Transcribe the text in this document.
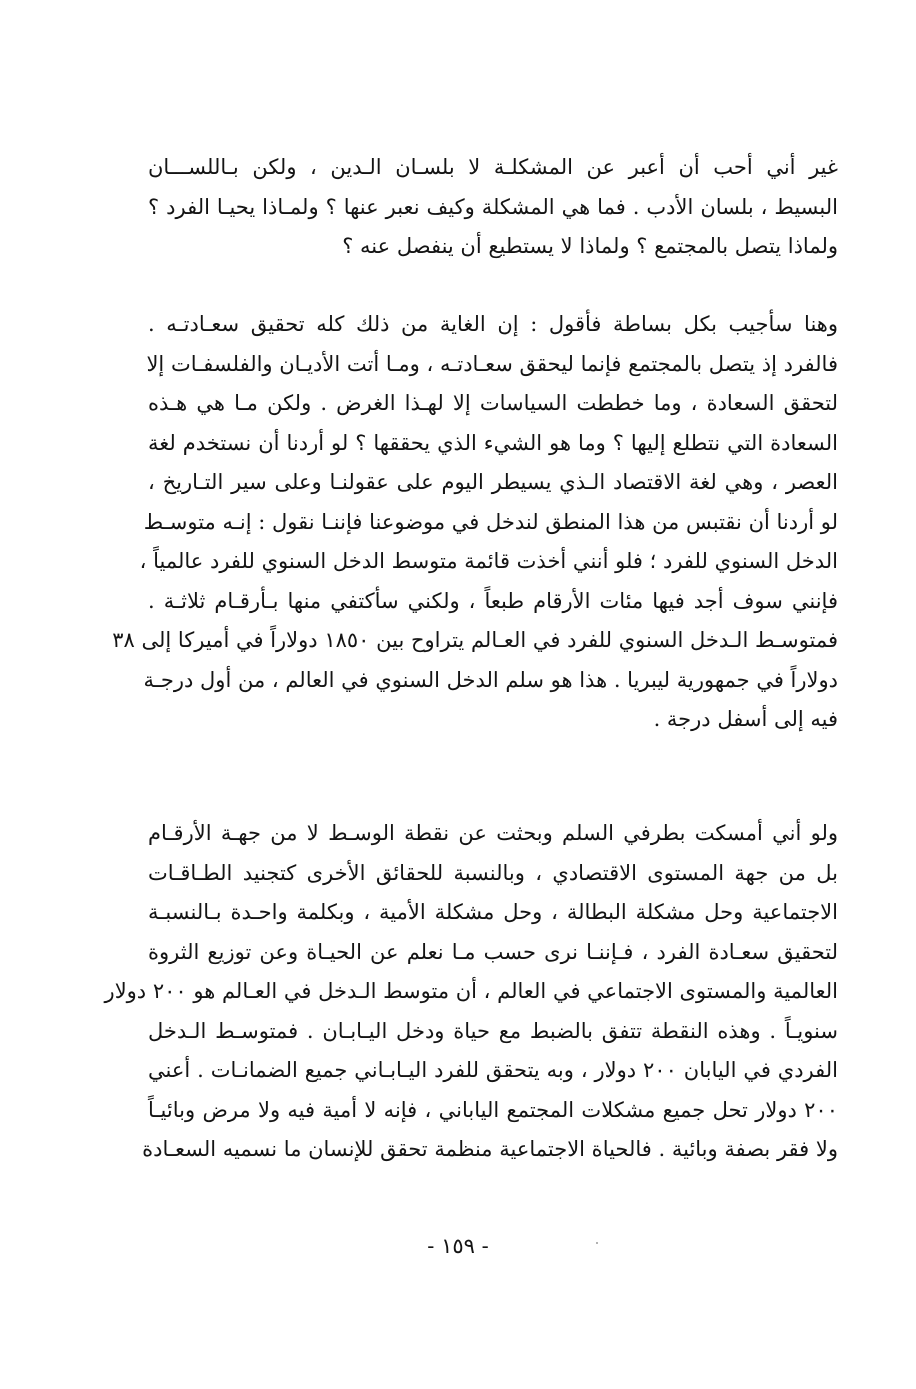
غير أني أحب أن أعبر عن المشكلـة لا بلسـان الـدين ، ولكن بـاللســـان
البسيط ، بلسان الأدب . فما هي المشكلة وكيف نعبر عنها ؟ ولمـاذا يحيـا الفرد ؟
ولماذا يتصل بالمجتمع ؟ ولماذا لا يستطيع أن ينفصل عنه ؟
وهنا سأجيب بكل بساطة فأقول : إن الغاية من ذلك كله تحقيق سعـادتـه .
فالفرد إذ يتصل بالمجتمع فإنما ليحقق سعـادتـه ، ومـا أتت الأديـان والفلسفـات إلا
لتحقق السعادة ، وما خططت السياسات إلا لهـذا الغرض . ولكن مـا هي هـذه
السعادة التي نتطلع إليها ؟ وما هو الشيء الذي يحققها ؟ لو أردنا أن نستخدم لغة
العصر ، وهي لغة الاقتصاد الـذي يسيطر اليوم على عقولنـا وعلى سير التـاريخ ،
لو أردنا أن نقتبس من هذا المنطق لندخل في موضوعنا فإننـا نقول : إنـه متوسـط
الدخل السنوي للفرد ؛ فلو أنني أخذت قائمة متوسط الدخل السنوي للفرد عالمياً ،
فإنني سوف أجد فيها مئات الأرقام طبعاً ، ولكني سأكتفي منها بـأرقـام ثلاثـة .
فمتوسـط الـدخل السنوي للفرد في العـالم يتراوح بين ١٨٥٠ دولاراً في أميركا إلى ٣٨
دولاراً في جمهورية ليبريا . هذا هو سلم الدخل السنوي في العالم ، من أول درجـة
فيه إلى أسفل درجة .
ولو أني أمسكت بطرفي السلم وبحثت عن نقطة الوسـط لا من جهـة الأرقـام
بل من جهة المستوى الاقتصادي ، وبالنسبة للحقائق الأخرى كتجنيد الطـاقـات
الاجتماعية وحل مشكلة البطالة ، وحل مشكلة الأمية ، وبكلمة واحـدة بـالنسبـة
لتحقيق سعـادة الفرد ، فـإننـا نرى حسب مـا نعلم عن الحيـاة وعن توزيع الثروة
العالمية والمستوى الاجتماعي في العالم ، أن متوسط الـدخل في العـالم هو ٢٠٠ دولار
سنويـاً . وهذه النقطة تتفق بالضبط مع حياة ودخل اليـابـان . فمتوسـط الـدخل
الفردي في اليابان ٢٠٠ دولار ، وبه يتحقق للفرد اليـابـاني جميع الضمانـات . أعني
٢٠٠ دولار تحل جميع مشكلات المجتمع الياباني ، فإنه لا أمية فيه ولا مرض وبائيـاً
ولا فقر بصفة وبائية . فالحياة الاجتماعية منظمة تحقق للإنسان ما نسميه السعـادة
- ١٥٩ -
